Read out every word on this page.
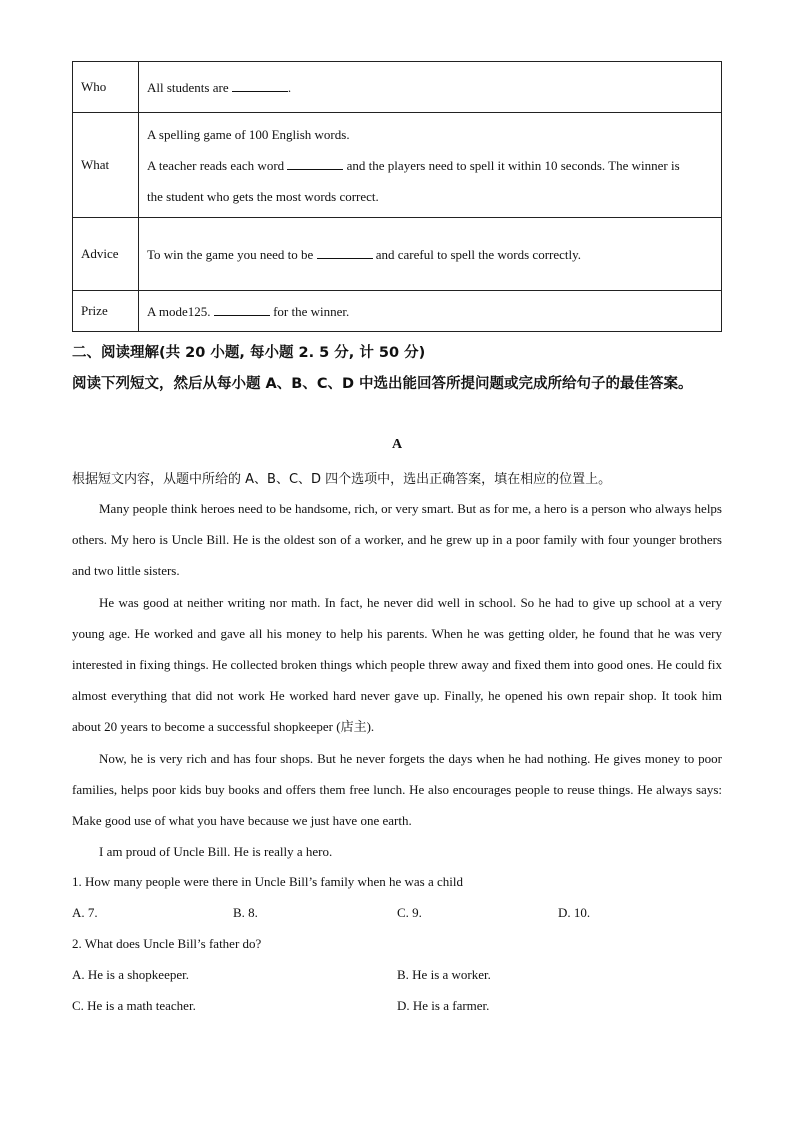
Who	All students are .

What	A spelling game of 100 English words.
A teacher reads each word and the players need to spell it within 10 seconds. The winner is
the student who gets the most words correct.

Advice	To win the game you need to be and careful to spell the words correctly.

Prize	A mode125. for the winner.
二、阅读理解(共 20 小题, 每小题 2. 5 分, 计 50 分)
阅读下列短文，然后从每小题 A、B、C、D 中选出能回答所提问题或完成所给句子的最佳答案。
A
根据短文内容，从题中所给的 A、B、C、D 四个选项中，选出正确答案，填在相应的位置上。

Many people think heroes need to be handsome, rich, or very smart. But as for me, a hero is a person who always helps others. My hero is Uncle Bill. He is the oldest son of a worker, and he grew up in a poor family with four younger brothers and two little sisters.

He was good at neither writing nor math. In fact, he never did well in school. So he had to give up school at a very young age. He worked and gave all his money to help his parents. When he was getting older, he found that he was very interested in fixing things. He collected broken things which people threw away and fixed them into good ones. He could fix almost everything that did not work He worked hard never gave up. Finally, he opened his own repair shop. It took him about 20 years to become a successful shopkeeper (店主).

Now, he is very rich and has four shops. But he never forgets the days when he had nothing. He gives money to poor families, helps poor kids buy books and offers them free lunch. He also encourages people to reuse things. He always says: Make good use of what you have because we just have one earth.

I am proud of Uncle Bill. He is really a hero.

1. How many people were there in Uncle Bill’s family when he was a child
A. 7.	B. 8.	C. 9.	D. 10.
2. What does Uncle Bill’s father do?
A. He is a shopkeeper.	B. He is a worker.
C. He is a math teacher.	D. He is a farmer.
